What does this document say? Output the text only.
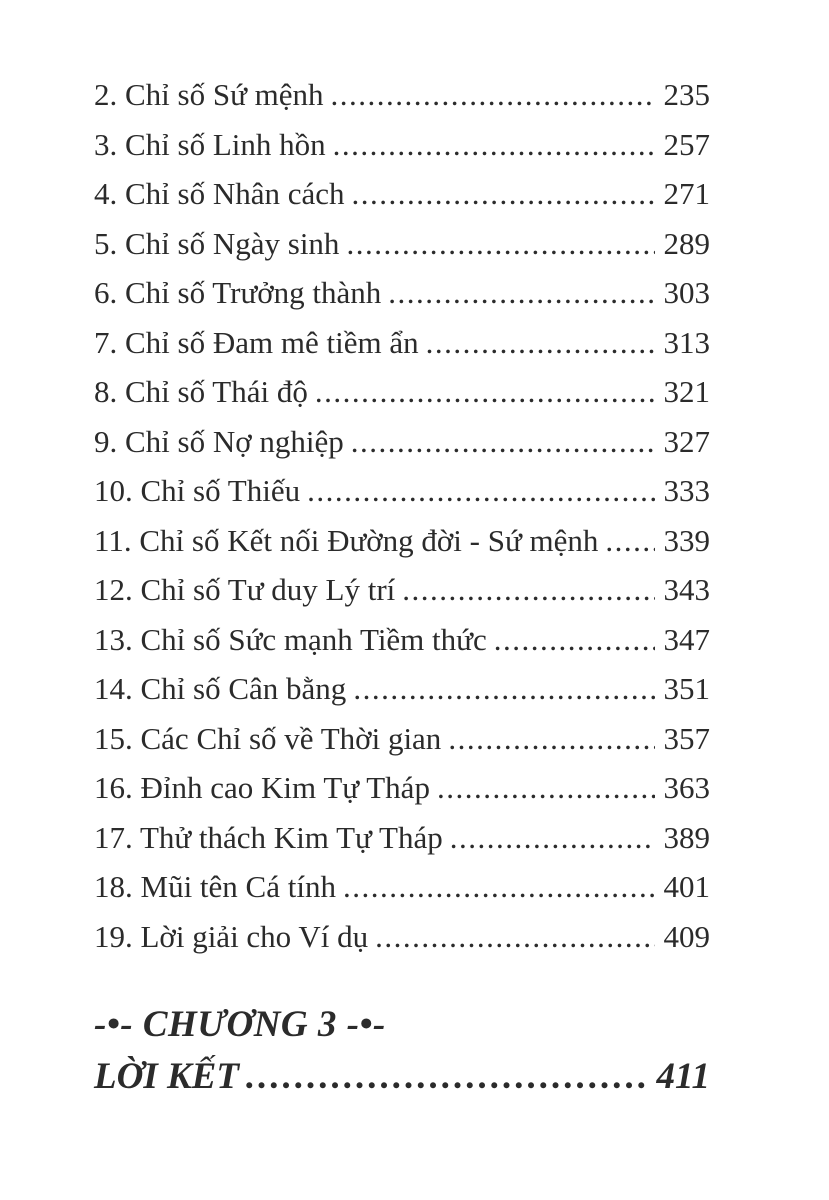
2. Chỉ số Sứ mệnh .....	235
3. Chỉ số Linh hồn .....	257
4. Chỉ số Nhân cách .....	271
5. Chỉ số Ngày sinh .....	289
6. Chỉ số Trưởng thành .....	303
7. Chỉ số Đam mê tiềm ẩn .....	313
8. Chỉ số Thái độ .....	321
9. Chỉ số Nợ nghiệp .....	327
10. Chỉ số Thiếu .....	333
11. Chỉ số Kết nối Đường đời - Sứ mệnh ..... 339
12. Chỉ số Tư duy Lý trí .....	343
13. Chỉ số Sức mạnh Tiềm thức .....	347
14. Chỉ số Cân bằng .....	351
15. Các Chỉ số về Thời gian .....	357
16. Đỉnh cao Kim Tự Tháp .....	363
17. Thử thách Kim Tự Tháp .....	389
18. Mũi tên Cá tính .....	401
19. Lời giải cho Ví dụ .....	409
-•- CHƯƠNG 3 -•-
LỜI KẾT .....	411
